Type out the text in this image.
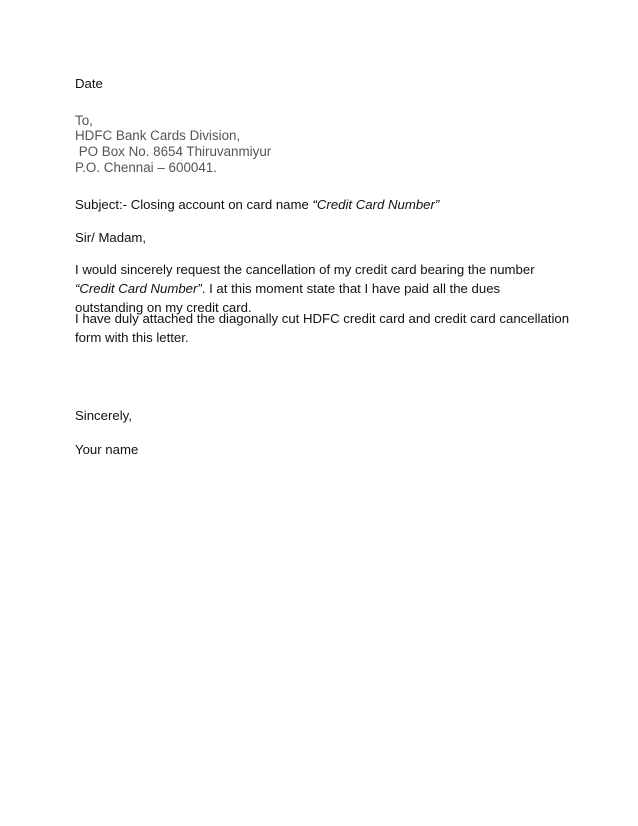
Date

To,

HDFC Bank Cards Division,

PO Box No. 8654 Thiruvanmiyur

P.O. Chennai – 600041.

Subject:- Closing account on card name “Credit Card Number”

Sir/ Madam,

I would sincerely request the cancellation of my credit card bearing the number “Credit Card Number”. I at this moment state that I have paid all the dues outstanding on my credit card.

I have duly attached the diagonally cut HDFC credit card and credit card cancellation form with this letter.

Sincerely,

Your name
